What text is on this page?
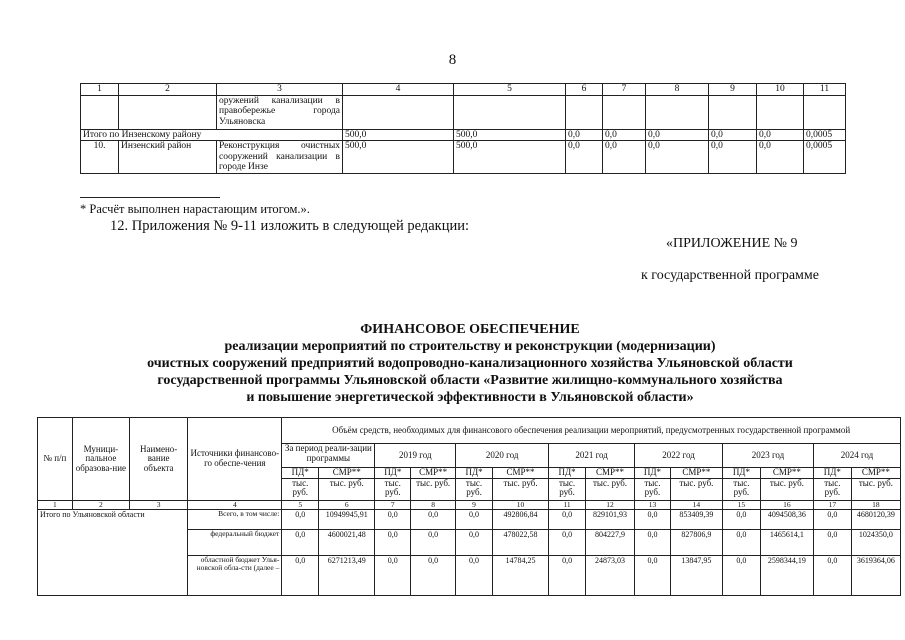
8
1	2	3	4	5	6	7	8	9	10	11
		оружений канализации в правобережье города Ульяновска								
Итого по Инзенскому району			500,0	500,0	0,0	0,0	0,0	0,0	0,0	0,0005
10.	Инзенский район	Реконструкция очистных сооружений канализации в городе Инзе	500,0	500,0	0,0	0,0	0,0	0,0	0,0	0,0005
* Расчёт выполнен нарастающим итогом.».
12. Приложения № 9-11 изложить в следующей редакции:
«ПРИЛОЖЕНИЕ № 9
к государственной программе
ФИНАНСОВОЕ ОБЕСПЕЧЕНИЕ
реализации мероприятий по строительству и реконструкции (модернизации)
очистных сооружений предприятий водопроводно-канализационного хозяйства Ульяновской области
государственной программы Ульяновской области «Развитие жилищно-коммунального хозяйства
и повышение энергетической эффективности в Ульяновской области»
№ п/п	Муници-пальное образова-ние	Наимено-вание объекта	Источники финансово-го обеспе-чения	Объём средств, необходимых для финансового обеспечения реализации мероприятий, предусмотренных государственной программой													
				За период реали-зации программы		2019 год		2020 год		2021 год		2022 год		2023 год		2024 год	
				ПД*	СМР**	ПД*	СМР**	ПД*	СМР**	ПД*	СМР**	ПД*	СМР**	ПД*	СМР**	ПД*	СМР**
				тыс. руб.	тыс. руб.	тыс. руб.	тыс. руб.	тыс. руб.	тыс. руб.	тыс. руб.	тыс. руб.	тыс. руб.	тыс. руб.	тыс. руб.	тыс. руб.	тыс. руб.	тыс. руб.
1	2	3	4	5	6	7	8	9	10	11	12	13	14	15	16	17	18
Итого по Ульяновской области			Всего, в том числе:	0,0	10949945,91	0,0	0,0	0,0	492806,84	0,0	829101,93	0,0	853409,39	0,0	4094508,36	0,0	4680120,39
			федеральный бюджет	0,0	4600021,48	0,0	0,0	0,0	478022,58	0,0	804227,9	0,0	827806,9	0,0	1465614,1	0,0	1024350,0
			областной бюджет Улья-новской обла-сти (далее –	0,0	6271213,49	0,0	0,0	0,0	14784,25	0,0	24873,03	0,0	13847,95	0,0	2598344,19	0,0	3619364,06
